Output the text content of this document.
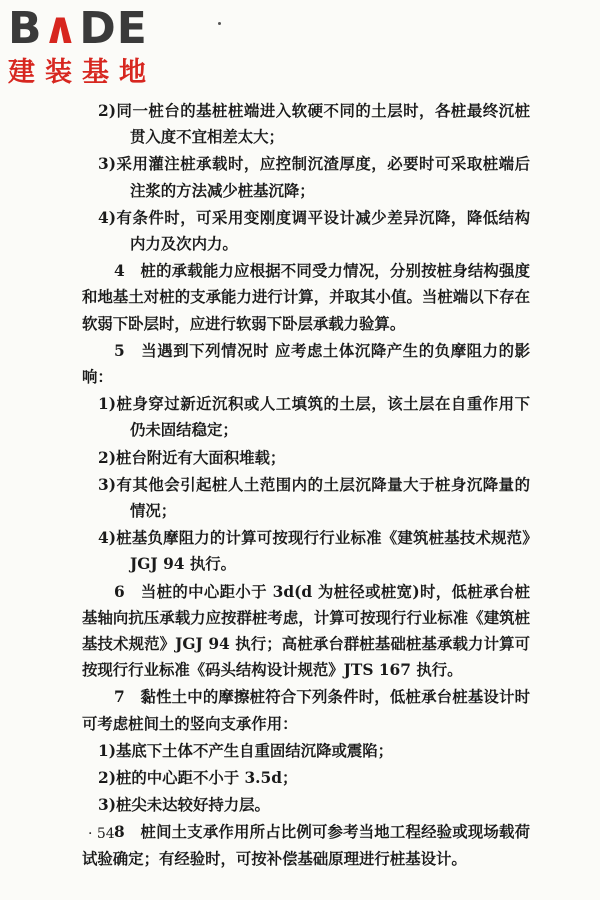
B ∧ DE
建装基地

2)同一桩台的基桩桩端进入软硬不同的土层时，各桩最终沉桩贯入度不宜相差太大；

3)采用灌注桩承载时，应控制沉渣厚度，必要时可采取桩端后注浆的方法减少桩基沉降；

4)有条件时，可采用变刚度调平设计减少差异沉降，降低结构内力及次内力。

4　桩的承载能力应根据不同受力情况，分别按桩身结构强度和地基土对桩的支承能力进行计算，并取其小值。当桩端以下存在软弱下卧层时，应进行软弱下卧层承载力验算。

5　当遇到下列情况时 应考虑土体沉降产生的负摩阻力的影响：

1)桩身穿过新近沉积或人工填筑的土层，该土层在自重作用下仍未固结稳定；

2)桩台附近有大面积堆载；

3)有其他会引起桩人土范围内的土层沉降量大于桩身沉降量的情况；

4)桩基负摩阻力的计算可按现行行业标准《建筑桩基技术规范》JGJ 94 执行。

6　当桩的中心距小于 3d(d 为桩径或桩宽)时，低桩承台桩基轴向抗压承载力应按群桩考虑，计算可按现行行业标准《建筑桩基技术规范》JGJ 94 执行；高桩承台群桩基础桩基承载力计算可按现行行业标准《码头结构设计规范》JTS 167 执行。

7　黏性土中的摩擦桩符合下列条件时，低桩承台桩基设计时可考虑桩间土的竖向支承作用：

1)基底下土体不产生自重固结沉降或震陷；

2)桩的中心距不小于 3.5d；

3)桩尖未达较好持力层。

8　桩间土支承作用所占比例可参考当地工程经验或现场载荷试验确定；有经验时，可按补偿基础原理进行桩基设计。

· 54 ·
